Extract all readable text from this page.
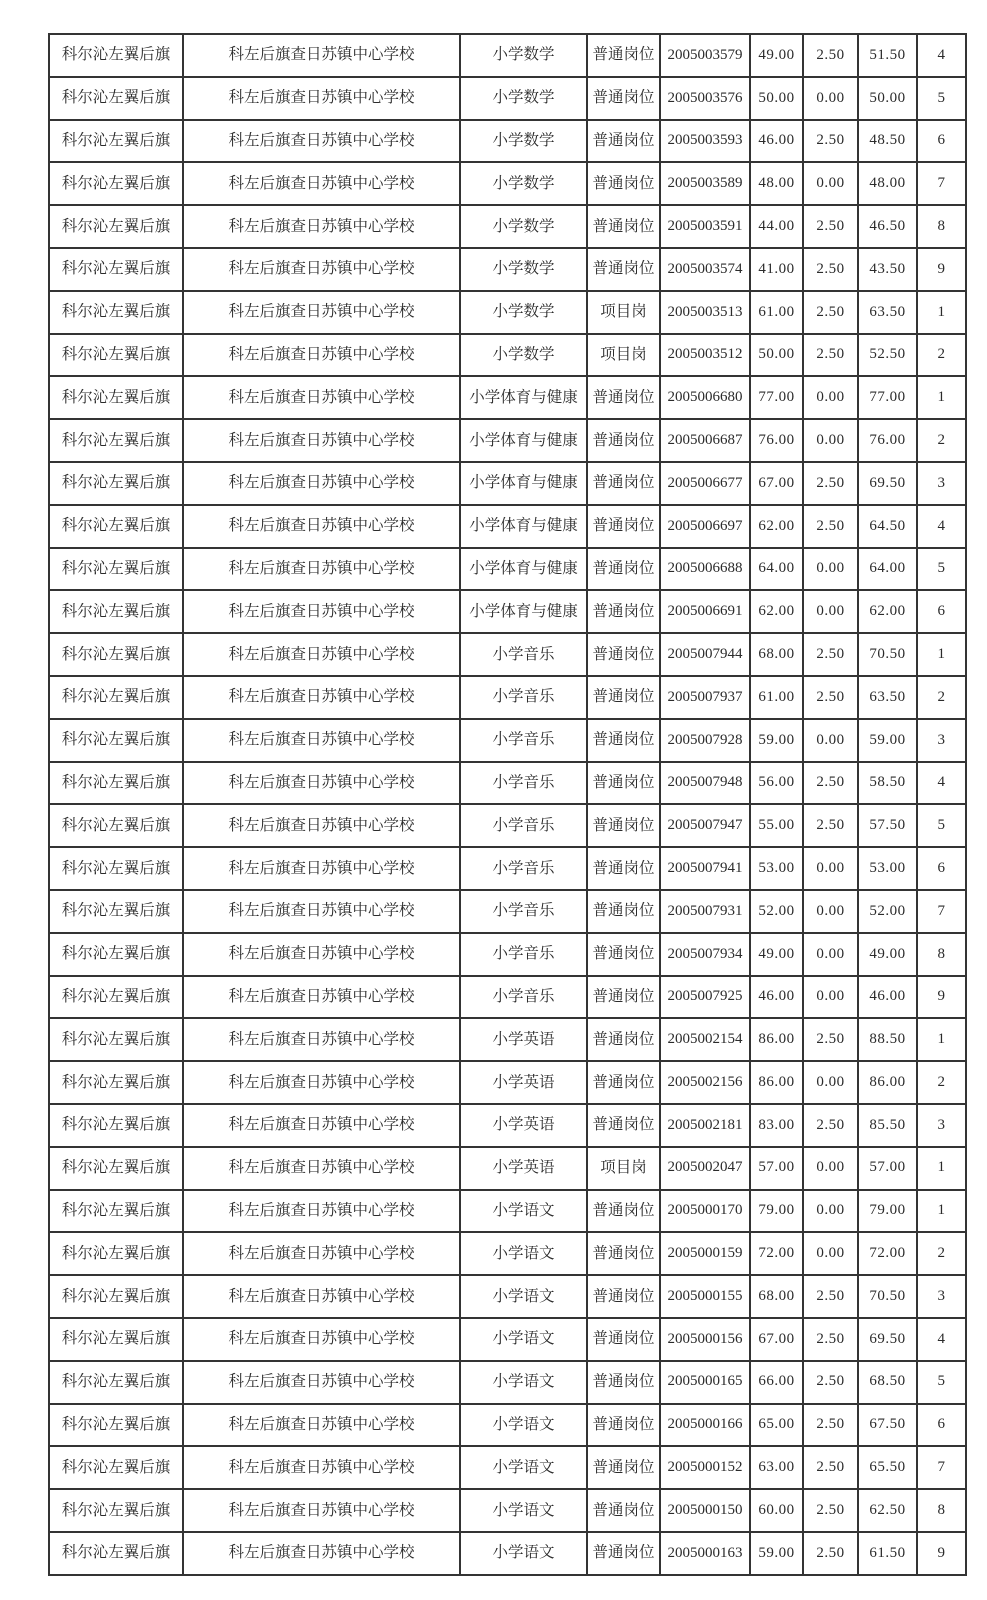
科尔沁左翼后旗	科左后旗查日苏镇中心学校	小学数学	普通岗位	2005003579	49.00	2.50	51.50	4
科尔沁左翼后旗	科左后旗查日苏镇中心学校	小学数学	普通岗位	2005003576	50.00	0.00	50.00	5
科尔沁左翼后旗	科左后旗查日苏镇中心学校	小学数学	普通岗位	2005003593	46.00	2.50	48.50	6
科尔沁左翼后旗	科左后旗查日苏镇中心学校	小学数学	普通岗位	2005003589	48.00	0.00	48.00	7
科尔沁左翼后旗	科左后旗查日苏镇中心学校	小学数学	普通岗位	2005003591	44.00	2.50	46.50	8
科尔沁左翼后旗	科左后旗查日苏镇中心学校	小学数学	普通岗位	2005003574	41.00	2.50	43.50	9
科尔沁左翼后旗	科左后旗查日苏镇中心学校	小学数学	项目岗	2005003513	61.00	2.50	63.50	1
科尔沁左翼后旗	科左后旗查日苏镇中心学校	小学数学	项目岗	2005003512	50.00	2.50	52.50	2
科尔沁左翼后旗	科左后旗查日苏镇中心学校	小学体育与健康	普通岗位	2005006680	77.00	0.00	77.00	1
科尔沁左翼后旗	科左后旗查日苏镇中心学校	小学体育与健康	普通岗位	2005006687	76.00	0.00	76.00	2
科尔沁左翼后旗	科左后旗查日苏镇中心学校	小学体育与健康	普通岗位	2005006677	67.00	2.50	69.50	3
科尔沁左翼后旗	科左后旗查日苏镇中心学校	小学体育与健康	普通岗位	2005006697	62.00	2.50	64.50	4
科尔沁左翼后旗	科左后旗查日苏镇中心学校	小学体育与健康	普通岗位	2005006688	64.00	0.00	64.00	5
科尔沁左翼后旗	科左后旗查日苏镇中心学校	小学体育与健康	普通岗位	2005006691	62.00	0.00	62.00	6
科尔沁左翼后旗	科左后旗查日苏镇中心学校	小学音乐	普通岗位	2005007944	68.00	2.50	70.50	1
科尔沁左翼后旗	科左后旗查日苏镇中心学校	小学音乐	普通岗位	2005007937	61.00	2.50	63.50	2
科尔沁左翼后旗	科左后旗查日苏镇中心学校	小学音乐	普通岗位	2005007928	59.00	0.00	59.00	3
科尔沁左翼后旗	科左后旗查日苏镇中心学校	小学音乐	普通岗位	2005007948	56.00	2.50	58.50	4
科尔沁左翼后旗	科左后旗查日苏镇中心学校	小学音乐	普通岗位	2005007947	55.00	2.50	57.50	5
科尔沁左翼后旗	科左后旗查日苏镇中心学校	小学音乐	普通岗位	2005007941	53.00	0.00	53.00	6
科尔沁左翼后旗	科左后旗查日苏镇中心学校	小学音乐	普通岗位	2005007931	52.00	0.00	52.00	7
科尔沁左翼后旗	科左后旗查日苏镇中心学校	小学音乐	普通岗位	2005007934	49.00	0.00	49.00	8
科尔沁左翼后旗	科左后旗查日苏镇中心学校	小学音乐	普通岗位	2005007925	46.00	0.00	46.00	9
科尔沁左翼后旗	科左后旗查日苏镇中心学校	小学英语	普通岗位	2005002154	86.00	2.50	88.50	1
科尔沁左翼后旗	科左后旗查日苏镇中心学校	小学英语	普通岗位	2005002156	86.00	0.00	86.00	2
科尔沁左翼后旗	科左后旗查日苏镇中心学校	小学英语	普通岗位	2005002181	83.00	2.50	85.50	3
科尔沁左翼后旗	科左后旗查日苏镇中心学校	小学英语	项目岗	2005002047	57.00	0.00	57.00	1
科尔沁左翼后旗	科左后旗查日苏镇中心学校	小学语文	普通岗位	2005000170	79.00	0.00	79.00	1
科尔沁左翼后旗	科左后旗查日苏镇中心学校	小学语文	普通岗位	2005000159	72.00	0.00	72.00	2
科尔沁左翼后旗	科左后旗查日苏镇中心学校	小学语文	普通岗位	2005000155	68.00	2.50	70.50	3
科尔沁左翼后旗	科左后旗查日苏镇中心学校	小学语文	普通岗位	2005000156	67.00	2.50	69.50	4
科尔沁左翼后旗	科左后旗查日苏镇中心学校	小学语文	普通岗位	2005000165	66.00	2.50	68.50	5
科尔沁左翼后旗	科左后旗查日苏镇中心学校	小学语文	普通岗位	2005000166	65.00	2.50	67.50	6
科尔沁左翼后旗	科左后旗查日苏镇中心学校	小学语文	普通岗位	2005000152	63.00	2.50	65.50	7
科尔沁左翼后旗	科左后旗查日苏镇中心学校	小学语文	普通岗位	2005000150	60.00	2.50	62.50	8
科尔沁左翼后旗	科左后旗查日苏镇中心学校	小学语文	普通岗位	2005000163	59.00	2.50	61.50	9
